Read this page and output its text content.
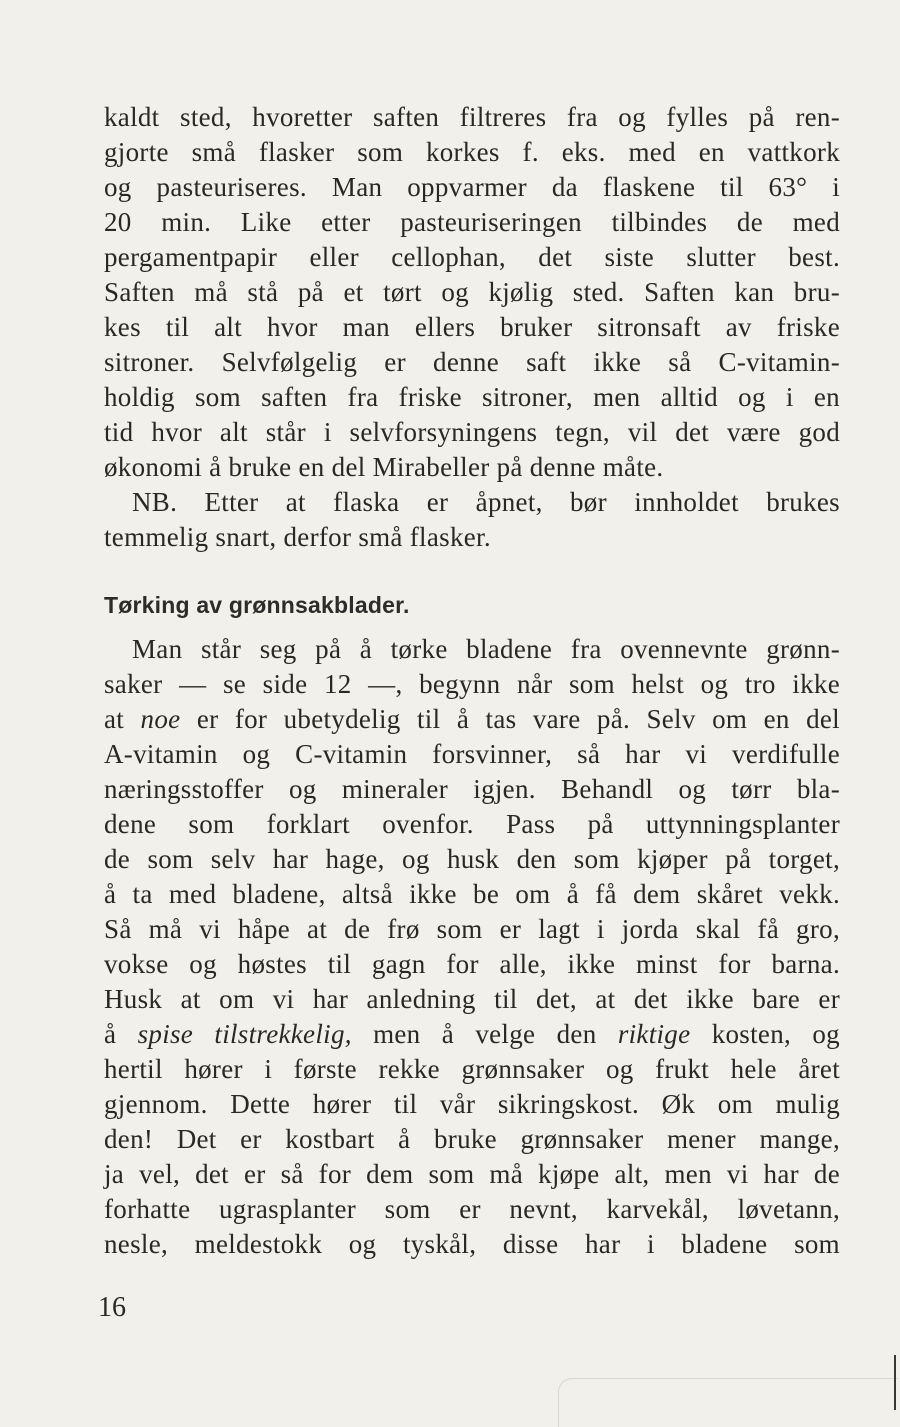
kaldt sted, hvoretter saften filtreres fra og fylles på ren-
gjorte små flasker som korkes f. eks. med en vattkork
og pasteuriseres. Man oppvarmer da flaskene til 63° i
20 min. Like etter pasteuriseringen tilbindes de med
pergamentpapir eller cellophan, det siste slutter best.
Saften må stå på et tørt og kjølig sted. Saften kan bru-
kes til alt hvor man ellers bruker sitronsaft av friske
sitroner. Selvfølgelig er denne saft ikke så C-vitamin-
holdig som saften fra friske sitroner, men alltid og i en
tid hvor alt står i selvforsyningens tegn, vil det være god
økonomi å bruke en del Mirabeller på denne måte.
NB. Etter at flaska er åpnet, bør innholdet brukes
temmelig snart, derfor små flasker.
Tørking av grønnsakblader.
Man står seg på å tørke bladene fra ovennevnte grønn-
saker — se side 12 —, begynn når som helst og tro ikke
at noe er for ubetydelig til å tas vare på. Selv om en del
A-vitamin og C-vitamin forsvinner, så har vi verdifulle
næringsstoffer og mineraler igjen. Behandl og tørr bla-
dene som forklart ovenfor. Pass på uttynningsplanter
de som selv har hage, og husk den som kjøper på torget,
å ta med bladene, altså ikke be om å få dem skåret vekk.
Så må vi håpe at de frø som er lagt i jorda skal få gro,
vokse og høstes til gagn for alle, ikke minst for barna.
Husk at om vi har anledning til det, at det ikke bare er
å spise tilstrekkelig, men å velge den riktige kosten, og
hertil hører i første rekke grønnsaker og frukt hele året
gjennom. Dette hører til vår sikringskost. Øk om mulig
den! Det er kostbart å bruke grønnsaker mener mange,
ja vel, det er så for dem som må kjøpe alt, men vi har de
forhatte ugrasplanter som er nevnt, karvekål, løvetann,
nesle, meldestokk og tyskål, disse har i bladene som
16
